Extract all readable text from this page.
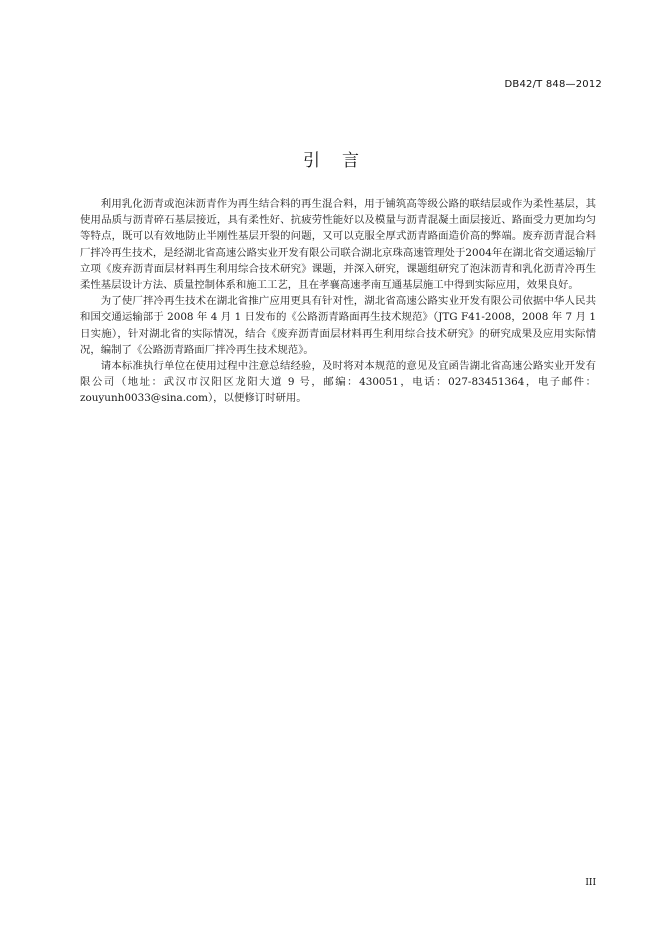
DB42/T 848—2012
引言

利用乳化沥青或泡沫沥青作为再生结合料的再生混合料，用于铺筑高等级公路的联结层或作为柔性基层，其使用品质与沥青碎石基层接近，具有柔性好、抗疲劳性能好以及模量与沥青混凝土面层接近、路面受力更加均匀等特点，既可以有效地防止半刚性基层开裂的问题，又可以克服全厚式沥青路面造价高的弊端。废弃沥青混合料厂拌冷再生技术，是经湖北省高速公路实业开发有限公司联合湖北京珠高速管理处于2004年在湖北省交通运输厅立项《废弃沥青面层材料再生利用综合技术研究》课题，并深入研究，课题组研究了泡沫沥青和乳化沥青冷再生柔性基层设计方法、质量控制体系和施工工艺，且在孝襄高速孝南互通基层施工中得到实际应用，效果良好。

为了使厂拌冷再生技术在湖北省推广应用更具有针对性，湖北省高速公路实业开发有限公司依据中华人民共和国交通运输部于 2008 年 4 月 1 日发布的《公路沥青路面再生技术规范》（JTG F41-2008，2008 年 7 月 1 日实施），针对湖北省的实际情况，结合《废弃沥青面层材料再生利用综合技术研究》的研究成果及应用实际情况，编制了《公路沥青路面厂拌冷再生技术规范》。

请本标准执行单位在使用过程中注意总结经验，及时将对本规范的意见及宜函告湖北省高速公路实业开发有限公司（地址：武汉市汉阳区龙阳大道 9 号，邮编：430051，电话：027-83451364，电子邮件：zouyunh0033@sina.com），以便修订时研用。

III
